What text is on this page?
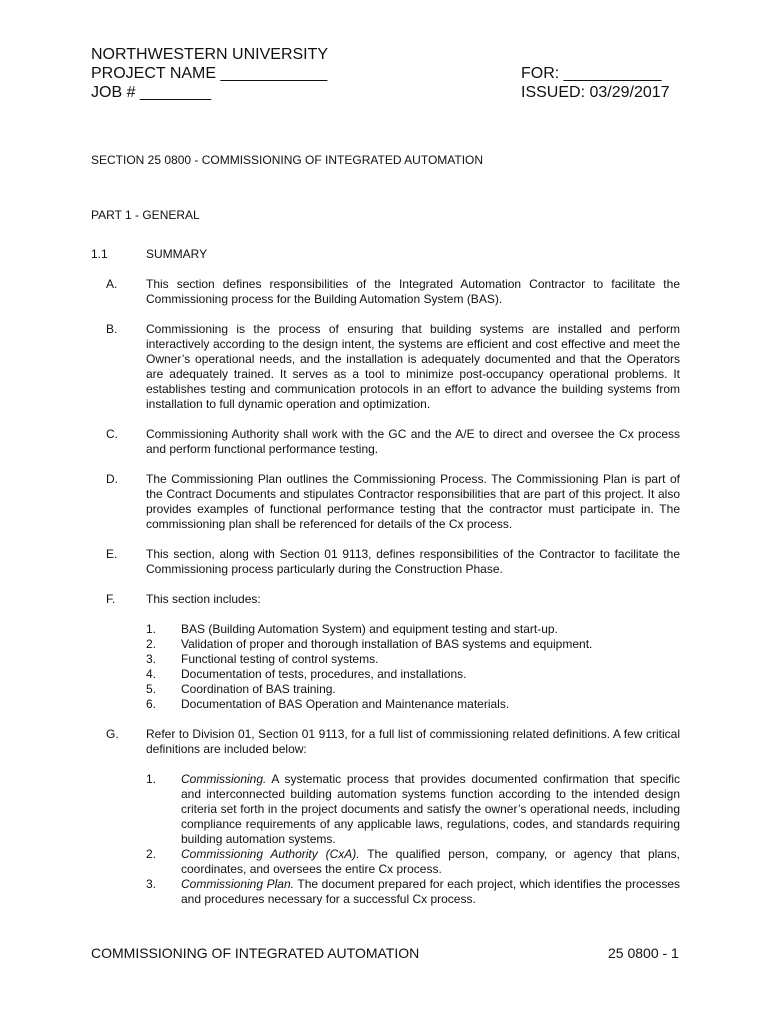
NORTHWESTERN UNIVERSITY
PROJECT NAME ____________
JOB # ________
FOR: ___________
ISSUED: 03/29/2017
SECTION 25 0800 - COMMISSIONING OF INTEGRATED AUTOMATION
PART 1 - GENERAL
1.1	SUMMARY
A. This section defines responsibilities of the Integrated Automation Contractor to facilitate the Commissioning process for the Building Automation System (BAS).
B. Commissioning is the process of ensuring that building systems are installed and perform interactively according to the design intent, the systems are efficient and cost effective and meet the Owner’s operational needs, and the installation is adequately documented and that the Operators are adequately trained. It serves as a tool to minimize post-occupancy operational problems. It establishes testing and communication protocols in an effort to advance the building systems from installation to full dynamic operation and optimization.
C. Commissioning Authority shall work with the GC and the A/E to direct and oversee the Cx process and perform functional performance testing.
D. The Commissioning Plan outlines the Commissioning Process. The Commissioning Plan is part of the Contract Documents and stipulates Contractor responsibilities that are part of this project. It also provides examples of functional performance testing that the contractor must participate in. The commissioning plan shall be referenced for details of the Cx process.
E. This section, along with Section 01 9113, defines responsibilities of the Contractor to facilitate the Commissioning process particularly during the Construction Phase.
F.	This section includes:
1. BAS (Building Automation System) and equipment testing and start-up.
2. Validation of proper and thorough installation of BAS systems and equipment.
3. Functional testing of control systems.
4. Documentation of tests, procedures, and installations.
5. Coordination of BAS training.
6. Documentation of BAS Operation and Maintenance materials.
G. Refer to Division 01, Section 01 9113, for a full list of commissioning related definitions. A few critical definitions are included below:
1. Commissioning. A systematic process that provides documented confirmation that specific and interconnected building automation systems function according to the intended design criteria set forth in the project documents and satisfy the owner’s operational needs, including compliance requirements of any applicable laws, regulations, codes, and standards requiring building automation systems.
2. Commissioning Authority (CxA). The qualified person, company, or agency that plans, coordinates, and oversees the entire Cx process.
3. Commissioning Plan. The document prepared for each project, which identifies the processes and procedures necessary for a successful Cx process.
COMMISSIONING OF INTEGRATED AUTOMATION	25 0800 - 1
